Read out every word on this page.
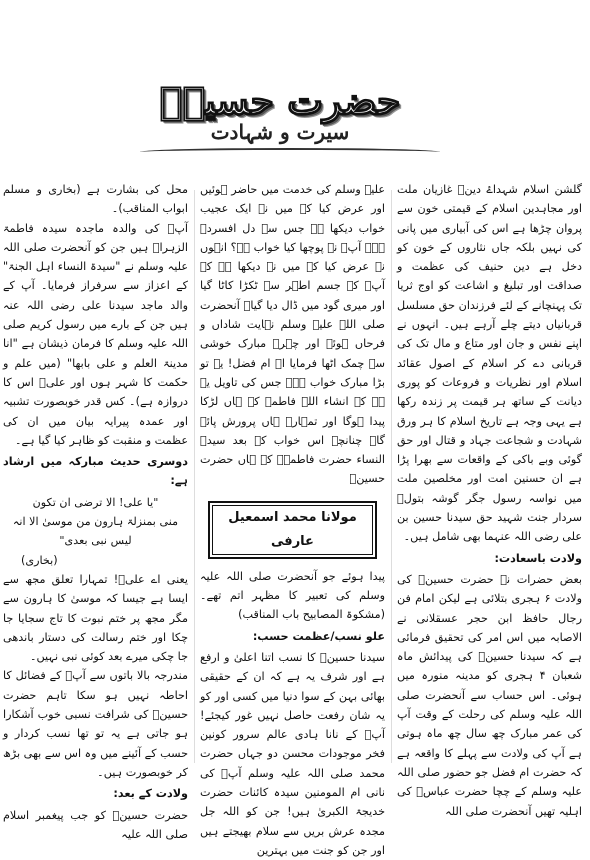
حضرت حسینؓ
سیرت و شہادت

گلشن اسلام شہداۓ دینؑ غازیان ملت اور مجاہدین اسلام کے قیمتی خون سے پروان چڑھا ہے اس کی آبیاری میں پانی کی نہیں بلکہ جاں نثاروں کے خون کو دخل ہے دین حنیف کی عظمت و صداقت اور تبلیغ و اشاعت کو اوج ثریا تک پہنچانے کے لئے فرزندان حق مسلسل قربانیاں دیتے چلے آرہے ہیں۔ انہوں نے اپنے نفس و جان اور متاع و مال تک کی قربانی دے کر اسلام کے اصول عقائد اسلام اور نظریات و فروعات کو پوری دیانت کے ساتھ ہر قیمت پر زندہ رکھا ہے یہی وجہ ہے تاریخ اسلام کا ہر ورق شہادت و شجاعت جہاد و قتال اور حق گوئی وبے باکی کے واقعات سے بھرا پڑا ہے ان حسنین امت اور مخلصین ملت میں نواسہ رسول جگر گوشہ بتولؑ سردار جنت شہید حق سیدنا حسین بن علی رضی اللہ عنہما بھی شامل ہیں۔

ولادت باسعادت:

بعض حضرات نے حضرت حسینؓ کی ولادت ۶ ہجری بتلائی ہے لیکن امام فن رجال حافظ ابن حجر عسقلانی نے الاصابہ میں اس امر کی تحقیق فرمائی ہے کہ سیدنا حسینؓ کی پیدائش ماہ شعبان ۴ ہجری کو مدینہ منورہ میں ہوئی۔ اس حساب سے آنحضرت صلی اللہ علیہ وسلم کی رحلت کے وقت آپ کی عمر مبارک چھ سال چھ ماہ ہوتی ہے آپ کی ولادت سے پہلے کا واقعہ ہے کہ حضرت ام فضل جو حضور صلی اللہ علیہ وسلم کے چچا حضرت عباسؓ کی اہلیہ تھیں آنحضرت صلی اللہ

علیہ وسلم کی خدمت میں حاضر ہوئیں اور عرض کیا کہ میں نے ایک عجیب خواب دیکھا ہے جس سے دل افسردہ ہے۔ آپؐ نے پوچھا کیا خواب ہے؟ انہوں نے عرض کیا کہ میں نے دیکھا ہے کہ آپؐ کے جسم اطہر سے ٹکڑا کاٹا گیا اور میری گود میں ڈال دیا گیا۔ آنحضرت صلی اللہ علیہ وسلم نہایت شاداں و فرحاں ہوئے اور چہرہ مبارک خوشی سے چمک اٹھا فرمایا اے ام فضل! یہ تو بڑا مبارک خواب ہے۔ جس کی تاویل یہ ہے کہ انشاء اللہ فاطمہ کے ہاں لڑکا پیدا ہوگا اور تمہارے ہاں پرورش پائے گا۔ چنانچہ اس خواب کے بعد سیدۃ النساء حضرت فاطمہؓ کے ہاں حضرت حسینؓ

مولانا محمد اسمعیل عارفی

پیدا ہوئے جو آنحضرت صلی اللہ علیہ وسلم کی تعبیر کا مظہر اتم تھے۔ (مشکوۃ المصابیح باب المناقب)

علو نسب/عظمت حسب:

سیدنا حسینؓ کا نسب اتنا اعلیٰ و ارفع ہے اور شرف یہ ہے کہ ان کے حقیقی بھائی بہن کے سوا دنیا میں کسی اور کو یہ شان رفعت حاصل نہیں غور کیجئے! آپؐ کے نانا ہادی عالم سرور کونین فخر موجودات محسن دو جہاں حضرت محمد صلی اللہ علیہ وسلم آپؐ کی نانی ام المومنین سیدہ کائنات حضرت خدیجۃ الکبریٰ ہیں! جن کو اللہ جل مجدہ عرش بریں سے سلام بھیجتے ہیں اور جن کو جنت میں بہترین

محل کی بشارت ہے (بخاری و مسلم ابواب المناقب)۔

آپؐ کی والدہ ماجدہ سیدہ فاطمۃ الزہراؓ ہیں جن کو آنحضرت صلی اللہ علیہ وسلم نے "سیدۃ النساء اہل الجنۃ" کے اعزاز سے سرفراز فرمایا۔ آپ کے والد ماجد سیدنا علی رضی اللہ عنہ ہیں جن کے بارے میں رسول کریم صلی اللہ علیہ وسلم کا فرمان ذیشان ہے "انا مدینۃ العلم و علی بابھا" (میں علم و حکمت کا شہر ہوں اور علیؓ اس کا دروازہ ہے)۔ کس قدر خوبصورت تشبیہ اور عمدہ پیرایہ بیان میں ان کی عظمت و منقبت کو ظاہر کیا گیا ہے۔

دوسری حدیث مبارکہ میں ارشاد ہے:

"یا علی! الا ترضی ان تکون

منی بمنزلۃ ہارون من موسیٰ الا انہ

لیس نبی بعدی"

(بخاری)

یعنی اے علیؓ! تمہارا تعلق مجھ سے ایسا ہے جیسا کہ موسیٰ کا ہارون سے مگر مجھ پر ختم نبوت کا تاج سجایا جا چکا اور ختم رسالت کی دستار باندھی جا چکی میرے بعد کوئی نبی نہیں۔

مندرجہ بالا باتوں سے آپؐ کے فضائل کا احاطہ نہیں ہو سکا تاہم حضرت حسینؓ کی شرافت نسبی خوب آشکارا ہو جاتی ہے یہ تو تھا نسب کردار و حسب کے آئینے میں وہ اس سے بھی بڑھ کر خوبصورت ہیں۔

ولادت کے بعد:

حضرت حسینؓ کو جب پیغمبر اسلام صلی اللہ علیہ
